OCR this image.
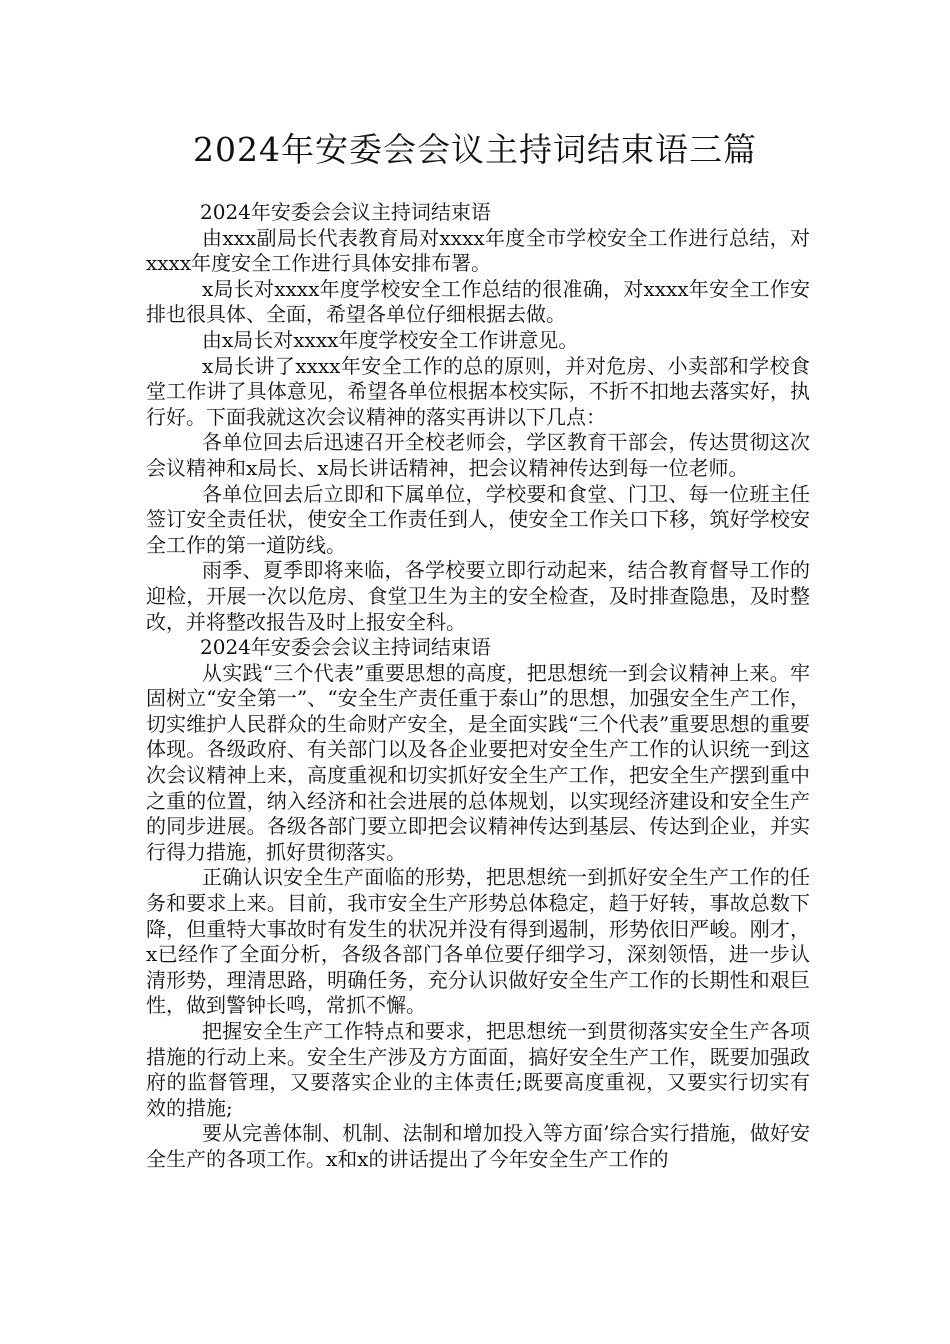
2024年安委会会议主持词结束语三篇

2024年安委会会议主持词结束语

由xxx副局长代表教育局对xxxx年度全市学校安全工作进行总结，对xxxx年度安全工作进行具体安排布署。

x局长对xxxx年度学校安全工作总结的很准确，对xxxx年安全工作安排也很具体、全面，希望各单位仔细根据去做。

由x局长对xxxx年度学校安全工作讲意见。

x局长讲了xxxx年安全工作的总的原则，并对危房、小卖部和学校食堂工作讲了具体意见，希望各单位根据本校实际，不折不扣地去落实好，执行好。下面我就这次会议精神的落实再讲以下几点：

各单位回去后迅速召开全校老师会，学区教育干部会，传达贯彻这次会议精神和x局长、x局长讲话精神，把会议精神传达到每一位老师。

各单位回去后立即和下属单位，学校要和食堂、门卫、每一位班主任签订安全责任状，使安全工作责任到人，使安全工作关口下移，筑好学校安全工作的第一道防线。

雨季、夏季即将来临，各学校要立即行动起来，结合教育督导工作的迎检，开展一次以危房、食堂卫生为主的安全检查，及时排查隐患，及时整改，并将整改报告及时上报安全科。

2024年安委会会议主持词结束语

从实践“三个代表”重要思想的高度，把思想统一到会议精神上来。牢固树立“安全第一”、“安全生产责任重于泰山”的思想，加强安全生产工作，切实维护人民群众的生命财产安全，是全面实践“三个代表”重要思想的重要体现。各级政府、有关部门以及各企业要把对安全生产工作的认识统一到这次会议精神上来，高度重视和切实抓好安全生产工作，把安全生产摆到重中之重的位置，纳入经济和社会进展的总体规划，以实现经济建设和安全生产的同步进展。各级各部门要立即把会议精神传达到基层、传达到企业，并实行得力措施，抓好贯彻落实。

正确认识安全生产面临的形势，把思想统一到抓好安全生产工作的任务和要求上来。目前，我市安全生产形势总体稳定，趋于好转，事故总数下降，但重特大事故时有发生的状况并没有得到遏制，形势依旧严峻。刚才，x已经作了全面分析，各级各部门各单位要仔细学习，深刻领悟，进一步认清形势，理清思路，明确任务，充分认识做好安全生产工作的长期性和艰巨性，做到警钟长鸣，常抓不懈。

把握安全生产工作特点和要求，把思想统一到贯彻落实安全生产各项措施的行动上来。安全生产涉及方方面面，搞好安全生产工作，既要加强政府的监督管理，又要落实企业的主体责任;既要高度重视，又要实行切实有效的措施;

要从完善体制、机制、法制和增加投入等方面’综合实行措施，做好安全生产的各项工作。x和x的讲话提出了今年安全生产工作的
